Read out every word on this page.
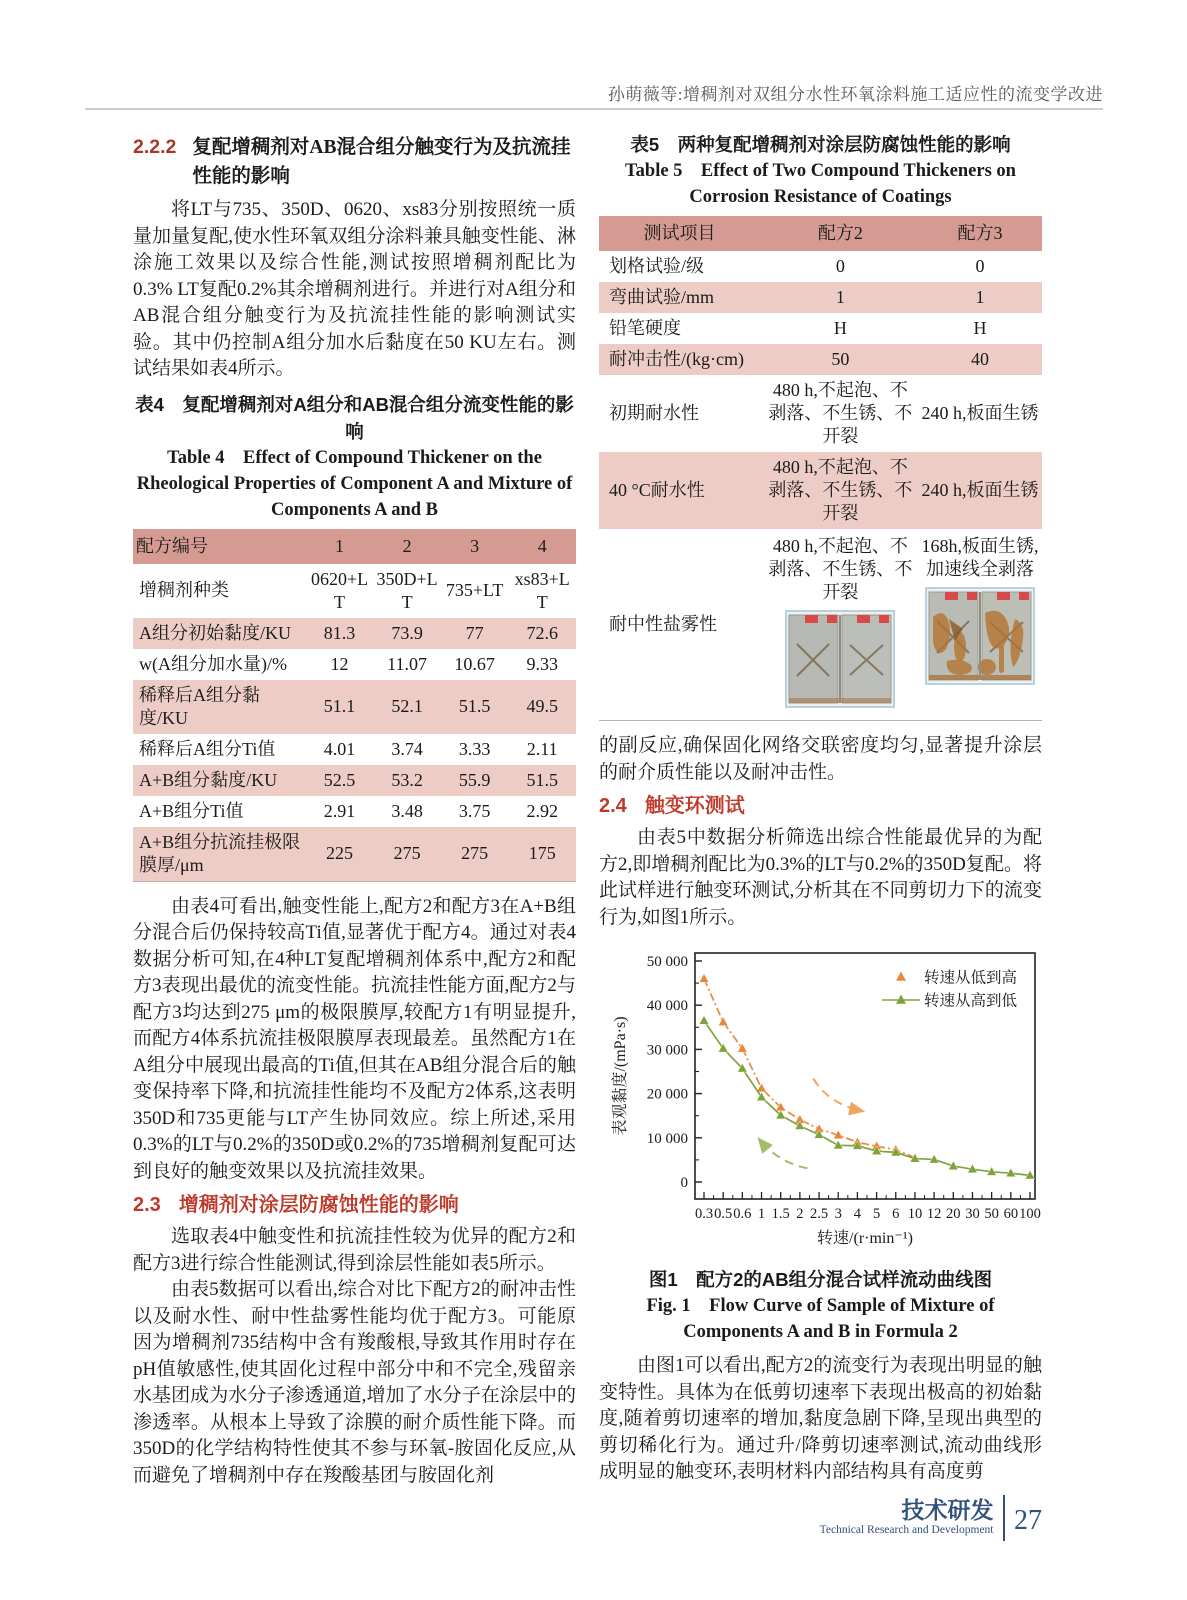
孙萌薇等:增稠剂对双组分水性环氧涂料施工适应性的流变学改进
2.2.2 复配增稠剂对AB混合组分触变行为及抗流挂性能的影响

将LT与735、350D、0620、xs83分别按照统一质量加量复配,使水性环氧双组分涂料兼具触变性能、淋涂施工效果以及综合性能,测试按照增稠剂配比为0.3% LT复配0.2%其余增稠剂进行。并进行对A组分和AB混合组分触变行为及抗流挂性能的影响测试实验。其中仍控制A组分加水后黏度在50 KU左右。测试结果如表4所示。

表4　复配增稠剂对A组分和AB混合组分流变性能的影响
Table 4　Effect of Compound Thickener on the Rheological Properties of Component A and Mixture of Components A and B
配方编号	1	2	3	4
增稠剂种类	0620+LT	350D+LT	735+LT	xs83+LT
A组分初始黏度/KU	81.3	73.9	77	72.6
w(A组分加水量)/%	12	11.07	10.67	9.33
稀释后A组分黏度/KU	51.1	52.1	51.5	49.5
稀释后A组分Ti值	4.01	3.74	3.33	2.11
A+B组分黏度/KU	52.5	53.2	55.9	51.5
A+B组分Ti值	2.91	3.48	3.75	2.92
A+B组分抗流挂极限膜厚/μm	225	275	275	175

由表4可看出,触变性能上,配方2和配方3在A+B组分混合后仍保持较高Ti值,显著优于配方4。通过对表4数据分析可知,在4种LT复配增稠剂体系中,配方2和配方3表现出最优的流变性能。抗流挂性能方面,配方2与配方3均达到275 μm的极限膜厚,较配方1有明显提升,而配方4体系抗流挂极限膜厚表现最差。虽然配方1在A组分中展现出最高的Ti值,但其在AB组分混合后的触变保持率下降,和抗流挂性能均不及配方2体系,这表明350D和735更能与LT产生协同效应。综上所述,采用0.3%的LT与0.2%的350D或0.2%的735增稠剂复配可达到良好的触变效果以及抗流挂效果。

2.3 增稠剂对涂层防腐蚀性能的影响

选取表4中触变性和抗流挂性较为优异的配方2和配方3进行综合性能测试,得到涂层性能如表5所示。

由表5数据可以看出,综合对比下配方2的耐冲击性以及耐水性、耐中性盐雾性能均优于配方3。可能原因为增稠剂735结构中含有羧酸根,导致其作用时存在pH值敏感性,使其固化过程中部分中和不完全,残留亲水基团成为水分子渗透通道,增加了水分子在涂层中的渗透率。从根本上导致了涂膜的耐介质性能下降。而350D的化学结构特性使其不参与环氧-胺固化反应,从而避免了增稠剂中存在羧酸基团与胺固化剂

表5　两种复配增稠剂对涂层防腐蚀性能的影响
Table 5　Effect of Two Compound Thickeners on Corrosion Resistance of Coatings
测试项目	配方2	配方3
划格试验/级	0	0
弯曲试验/mm	1	1
铅笔硬度	H	H
耐冲击性/(kg·cm)	50	40
初期耐水性	480 h,不起泡、不剥落、不生锈、不开裂	240 h,板面生锈
40 °C耐水性	480 h,不起泡、不剥落、不生锈、不开裂	240 h,板面生锈
耐中性盐雾性	480 h,不起泡、不剥落、不生锈、不开裂	168h,板面生锈,加速线全剥落

的副反应,确保固化网络交联密度均匀,显著提升涂层的耐介质性能以及耐冲击性。

2.4 触变环测试

由表5中数据分析筛选出综合性能最优异的为配方2,即增稠剂配比为0.3%的LT与0.2%的350D复配。将此试样进行触变环测试,分析其在不同剪切力下的流变行为,如图1所示。

0
10 000
20 000
30 000
40 000
50 000
0.3 0.5 0.6 1 1.5 2 2.5 3 4 5 6 10 12 20 30 50 60 100
转速/(r·min⁻¹)
表观黏度/(mPa·s)
转速从低到高
转速从高到低
图1　配方2的AB组分混合试样流动曲线图
Fig. 1　Flow Curve of Sample of Mixture of Components A and B in Formula 2

由图1可以看出,配方2的流变行为表现出明显的触变特性。具体为在低剪切速率下表现出极高的初始黏度,随着剪切速率的增加,黏度急剧下降,呈现出典型的剪切稀化行为。通过升/降剪切速率测试,流动曲线形成明显的触变环,表明材料内部结构具有高度剪

技术研发
Technical Research and Development 27
